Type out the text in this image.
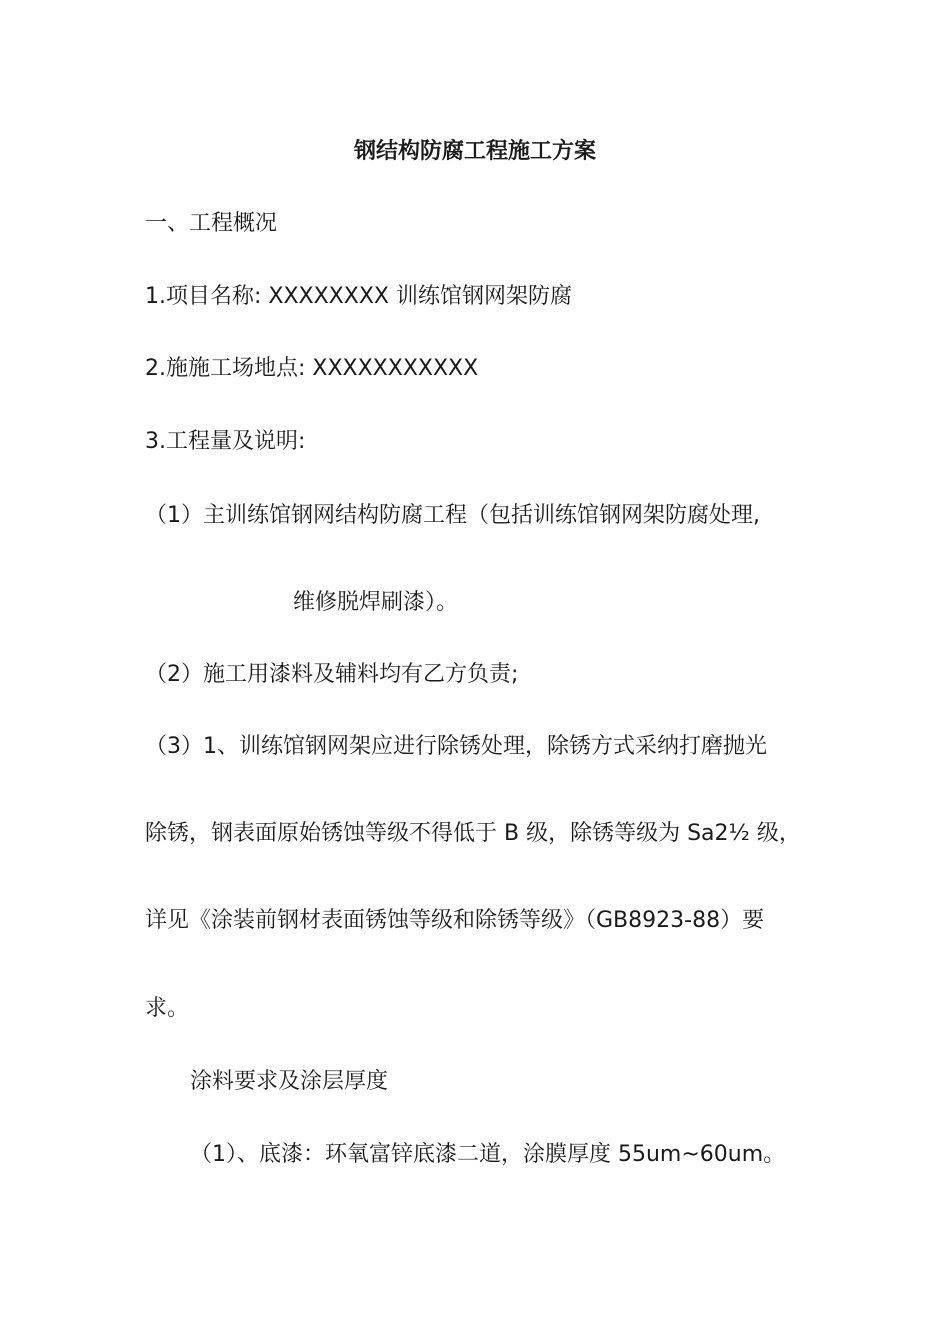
钢结构防腐工程施工方案
一、工程概况
1.项目名称: XXXXXXXX 训练馆钢网架防腐
2.施施工场地点: XXXXXXXXXXX
3.工程量及说明:
（1）主训练馆钢网结构防腐工程（包括训练馆钢网架防腐处理,
维修脱焊刷漆）。
（2）施工用漆料及辅料均有乙方负责;
（3）1、训练馆钢网架应进行除锈处理，除锈方式采纳打磨抛光
除锈，钢表面原始锈蚀等级不得低于 B 级，除锈等级为 Sa2½ 级，
详见《涂装前钢材表面锈蚀等级和除锈等级》（GB8923-88）要
求。
涂料要求及涂层厚度
（1）、底漆：环氧富锌底漆二道，涂膜厚度 55um~60um。
